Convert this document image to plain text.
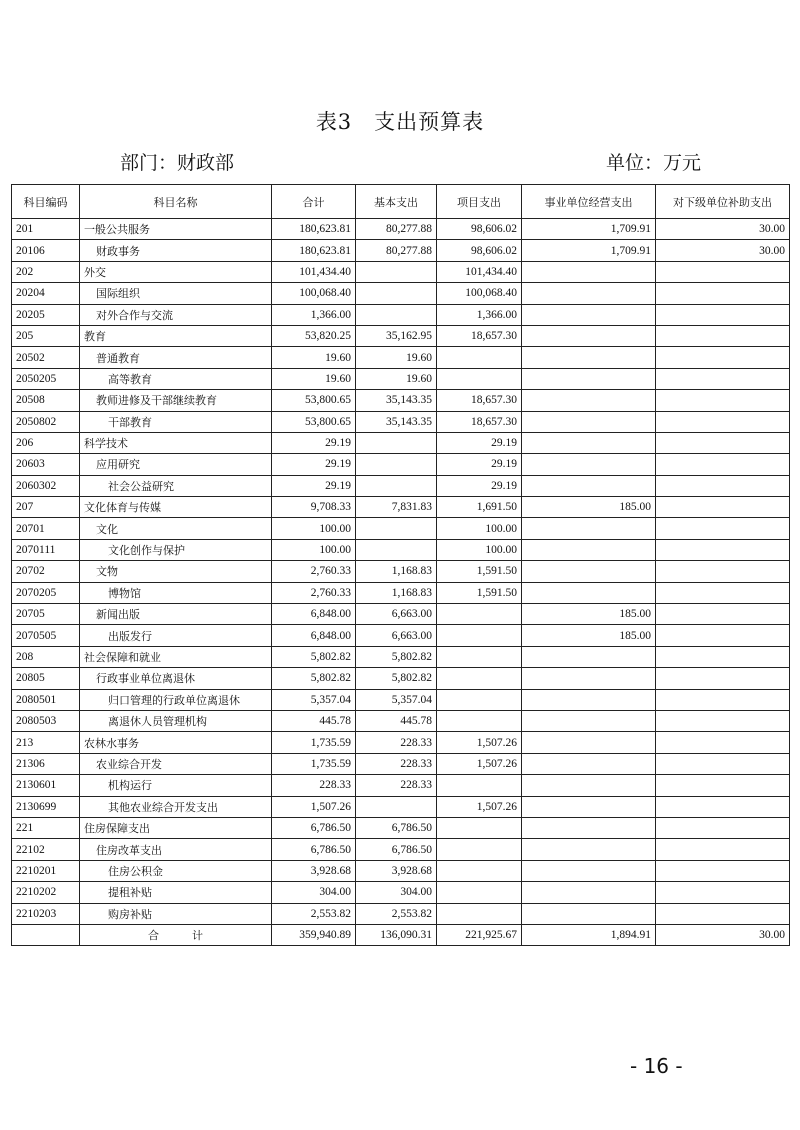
表3　支出预算表
部门：财政部	单位：万元
科目编码	科目名称	合计	基本支出	项目支出	事业单位经营支出	对下级单位补助支出
201	一般公共服务	180,623.81	80,277.88	98,606.02	1,709.91	30.00
20106	财政事务	180,623.81	80,277.88	98,606.02	1,709.91	30.00
202	外交	101,434.40		101,434.40		
20204	国际组织	100,068.40		100,068.40		
20205	对外合作与交流	1,366.00		1,366.00		
205	教育	53,820.25	35,162.95	18,657.30		
20502	普通教育	19.60	19.60			
2050205	高等教育	19.60	19.60			
20508	教师进修及干部继续教育	53,800.65	35,143.35	18,657.30		
2050802	干部教育	53,800.65	35,143.35	18,657.30		
206	科学技术	29.19		29.19		
20603	应用研究	29.19		29.19		
2060302	社会公益研究	29.19		29.19		
207	文化体育与传媒	9,708.33	7,831.83	1,691.50	185.00	
20701	文化	100.00		100.00		
2070111	文化创作与保护	100.00		100.00		
20702	文物	2,760.33	1,168.83	1,591.50		
2070205	博物馆	2,760.33	1,168.83	1,591.50		
20705	新闻出版	6,848.00	6,663.00		185.00	
2070505	出版发行	6,848.00	6,663.00		185.00	
208	社会保障和就业	5,802.82	5,802.82			
20805	行政事业单位离退休	5,802.82	5,802.82			
2080501	归口管理的行政单位离退休	5,357.04	5,357.04			
2080503	离退休人员管理机构	445.78	445.78			
213	农林水事务	1,735.59	228.33	1,507.26		
21306	农业综合开发	1,735.59	228.33	1,507.26		
2130601	机构运行	228.33	228.33			
2130699	其他农业综合开发支出	1,507.26		1,507.26		
221	住房保障支出	6,786.50	6,786.50			
22102	住房改革支出	6,786.50	6,786.50			
2210201	住房公积金	3,928.68	3,928.68			
2210202	提租补贴	304.00	304.00			
2210203	购房补贴	2,553.82	2,553.82			
	合　　　计	359,940.89	136,090.31	221,925.67	1,894.91	30.00
- 16 -
